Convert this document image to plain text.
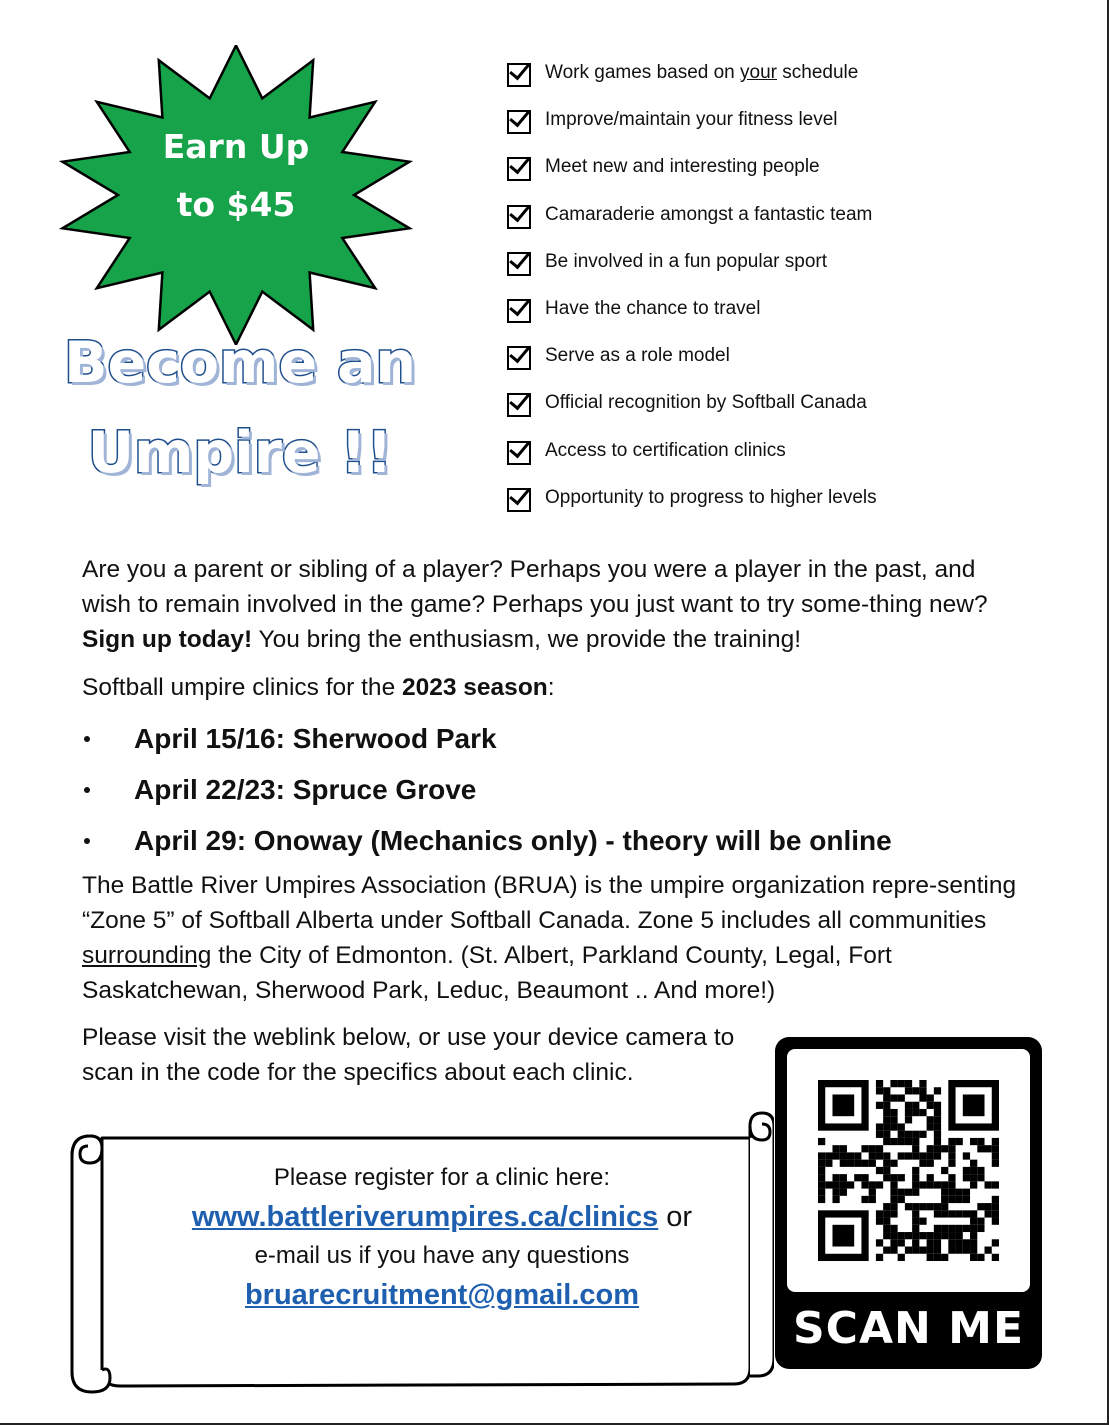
Earn Up
to $45
Become an
Umpire !!
Work games based on your schedule
Improve/maintain your fitness level
Meet new and interesting people
Camaraderie amongst a fantastic team
Be involved in a fun popular sport
Have the chance to travel
Serve as a role model
Official recognition by Softball Canada
Access to certification clinics
Opportunity to progress to higher levels

Are you a parent or sibling of a player? Perhaps you were a player in the past, and wish to remain involved in the game? Perhaps you just want to try some-thing new? Sign up today! You bring the enthusiasm, we provide the training!

Softball umpire clinics for the 2023 season:

April 15/16: Sherwood Park
April 22/23: Spruce Grove
April 29: Onoway (Mechanics only) - theory will be online

The Battle River Umpires Association (BRUA) is the umpire organization repre-senting “Zone 5” of Softball Alberta under Softball Canada. Zone 5 includes all communities surrounding the City of Edmonton. (St. Albert, Parkland County, Legal, Fort Saskatchewan, Sherwood Park, Leduc, Beaumont .. And more!)

Please visit the weblink below, or use your device camera to scan in the code for the specifics about each clinic.

Please register for a clinic here:
www.battleriverumpires.ca/clinics or
e-mail us if you have any questions
bruarecruitment@gmail.com
SCAN ME
